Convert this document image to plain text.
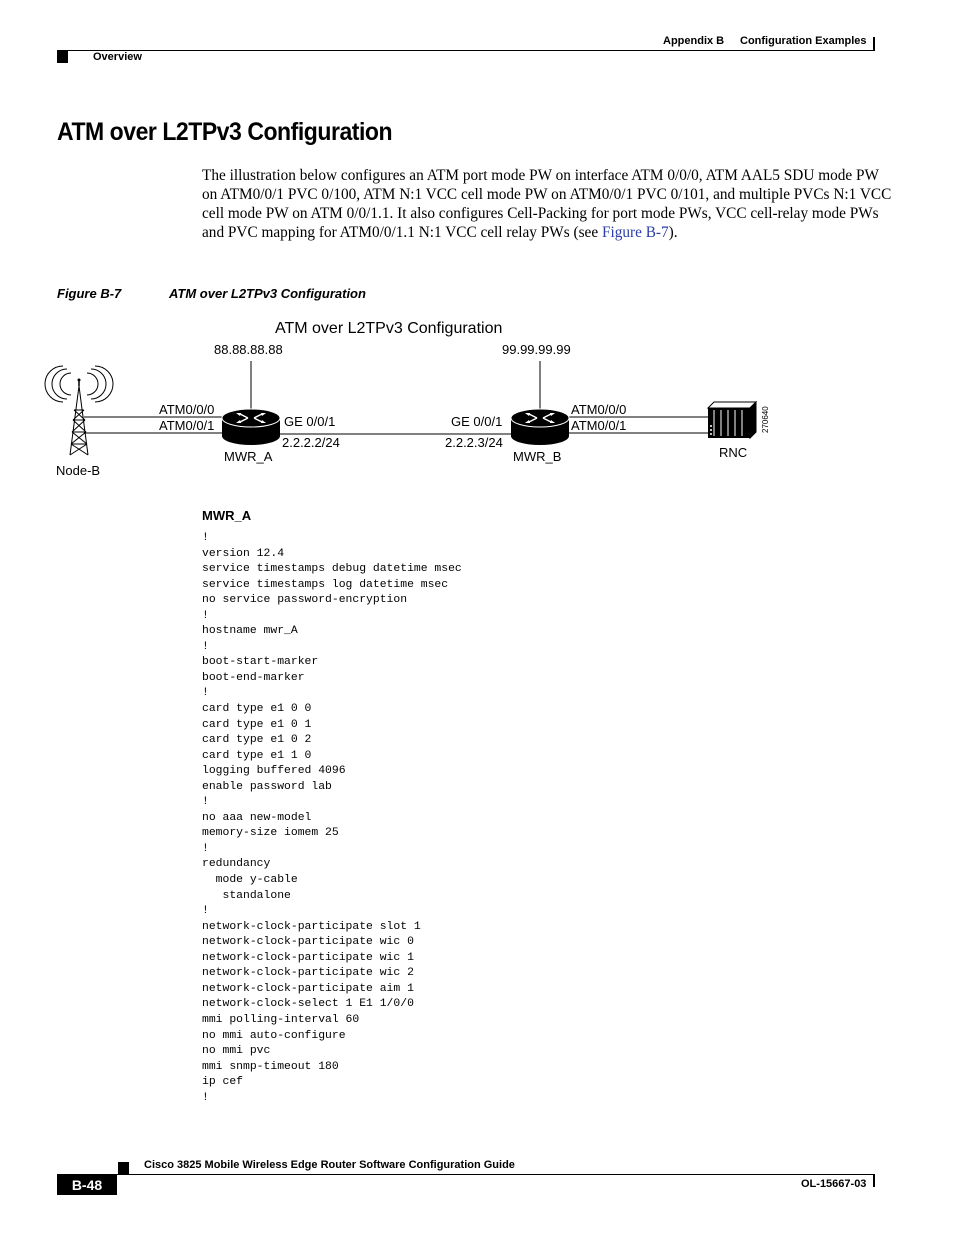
Appendix B Configuration Examples
Overview
ATM over L2TPv3 Configuration
The illustration below configures an ATM port mode PW on interface ATM 0/0/0, ATM AAL5 SDU mode PW on ATM0/0/1 PVC 0/100, ATM N:1 VCC cell mode PW on ATM0/0/1 PVC 0/101, and multiple PVCs N:1 VCC cell mode PW on ATM 0/0/1.1. It also configures Cell-Packing for port mode PWs, VCC cell-relay mode PWs and PVC mapping for ATM0/0/1.1 N:1 VCC cell relay PWs (see Figure B-7).
Figure B-7	ATM over L2TPv3 Configuration
ATM over L2TPv3 Configuration
88.88.88.88	99.99.99.99
ATM0/0/0
ATM0/0/1	GE 0/0/1
2.2.2.2/24
MWR_A
GE 0/0/1
2.2.2.3/24
MWR_B
ATM0/0/0
ATM0/0/1
Node-B
RNC
270640
MWR_A
!
version 12.4
service timestamps debug datetime msec
service timestamps log datetime msec
no service password-encryption
!
hostname mwr_A
!
boot-start-marker
boot-end-marker
!
card type e1 0 0
card type e1 0 1
card type e1 0 2
card type e1 1 0
logging buffered 4096
enable password lab
!
no aaa new-model
memory-size iomem 25
!
redundancy
mode y-cable
standalone
!
network-clock-participate slot 1
network-clock-participate wic 0
network-clock-participate wic 1
network-clock-participate wic 2
network-clock-participate aim 1
network-clock-select 1 E1 1/0/0
mmi polling-interval 60
no mmi auto-configure
no mmi pvc
mmi snmp-timeout 180
ip cef
!
Cisco 3825 Mobile Wireless Edge Router Software Configuration Guide
B-48	OL-15667-03
